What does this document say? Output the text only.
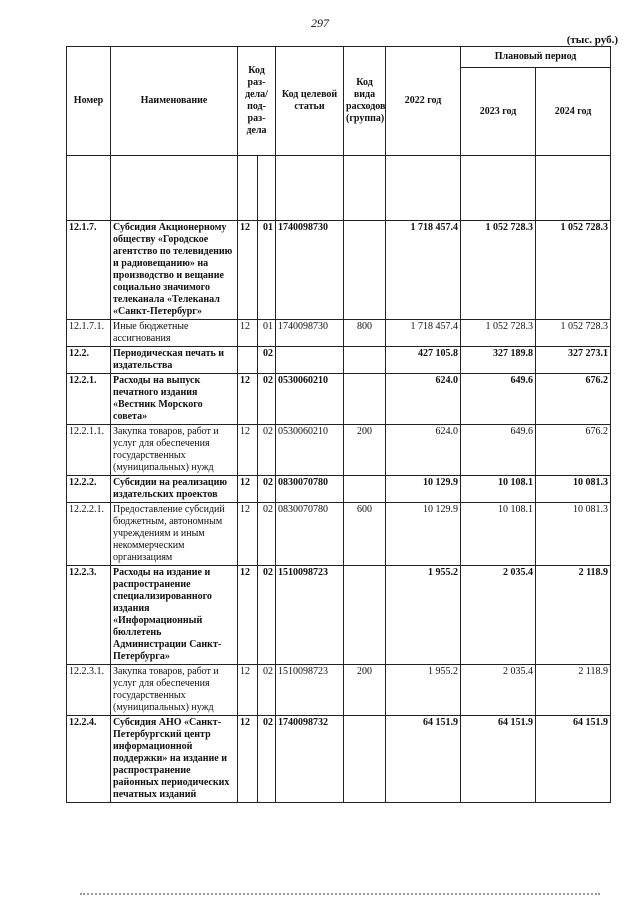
297
(тыс. руб.)
Номер	Наименование	Код раз-дела/ под-раз-дела		Код целевой статьи	Код вида расходов (группа)	2022 год	Плановый период	
							2023 год	2024 год

12.1.7.	Субсидия Акционерному обществу «Городское агентство по телевидению и радиовещанию» на производство и вещание социально значимого телеканала «Телеканал «Санкт-Петербург»	12	01	1740098730		1 718 457.4	1 052 728.3	1 052 728.3
12.1.7.1.	Иные бюджетные ассигнования	12	01	1740098730	800	1 718 457.4	1 052 728.3	1 052 728.3
12.2.	Периодическая печать и издательства		02			427 105.8	327 189.8	327 273.1
12.2.1.	Расходы на выпуск печатного издания «Вестник Морского совета»	12	02	0530060210		624.0	649.6	676.2
12.2.1.1.	Закупка товаров, работ и услуг для обеспечения государственных (муниципальных) нужд	12	02	0530060210	200	624.0	649.6	676.2
12.2.2.	Субсидии на реализацию издательских проектов	12	02	0830070780		10 129.9	10 108.1	10 081.3
12.2.2.1.	Предоставление субсидий бюджетным, автономным учреждениям и иным некоммерческим организациям	12	02	0830070780	600	10 129.9	10 108.1	10 081.3
12.2.3.	Расходы на издание и распространение специализированного издания «Информационный бюллетень Администрации Санкт-Петербурга»	12	02	1510098723		1 955.2	2 035.4	2 118.9
12.2.3.1.	Закупка товаров, работ и услуг для обеспечения государственных (муниципальных) нужд	12	02	1510098723	200	1 955.2	2 035.4	2 118.9
12.2.4.	Субсидия АНО «Санкт-Петербургский центр информационной поддержки» на издание и распространение районных периодических печатных изданий	12	02	1740098732		64 151.9	64 151.9	64 151.9
